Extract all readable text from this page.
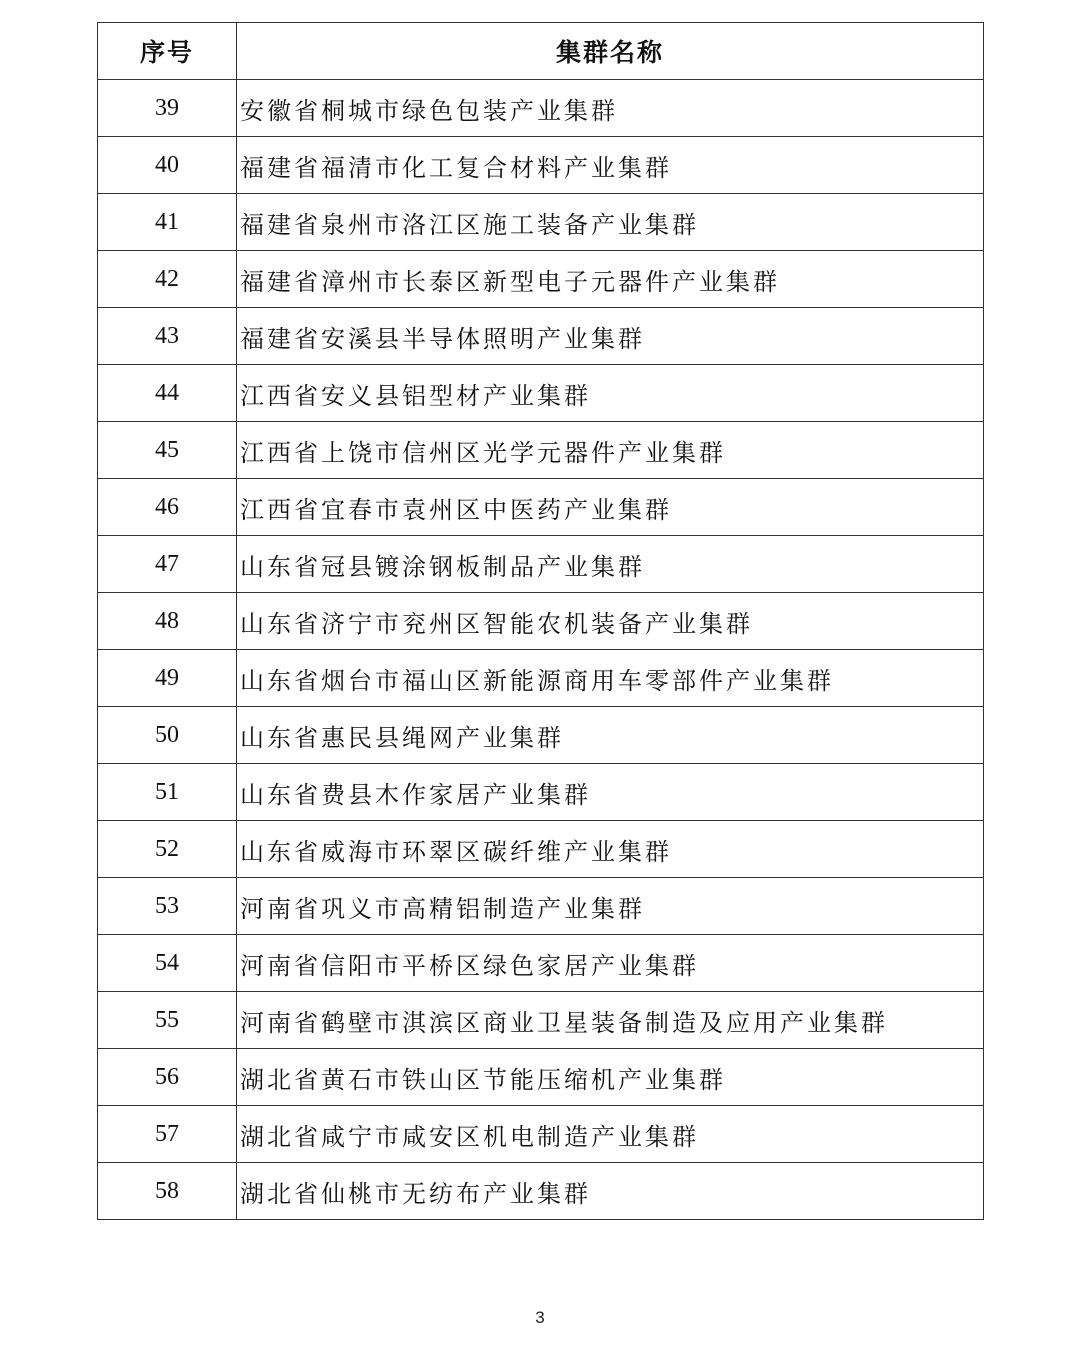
序号	集群名称
39	安徽省桐城市绿色包装产业集群
40	福建省福清市化工复合材料产业集群
41	福建省泉州市洛江区施工装备产业集群
42	福建省漳州市长泰区新型电子元器件产业集群
43	福建省安溪县半导体照明产业集群
44	江西省安义县铝型材产业集群
45	江西省上饶市信州区光学元器件产业集群
46	江西省宜春市袁州区中医药产业集群
47	山东省冠县镀涂钢板制品产业集群
48	山东省济宁市兖州区智能农机装备产业集群
49	山东省烟台市福山区新能源商用车零部件产业集群
50	山东省惠民县绳网产业集群
51	山东省费县木作家居产业集群
52	山东省威海市环翠区碳纤维产业集群
53	河南省巩义市高精铝制造产业集群
54	河南省信阳市平桥区绿色家居产业集群
55	河南省鹤壁市淇滨区商业卫星装备制造及应用产业集群
56	湖北省黄石市铁山区节能压缩机产业集群
57	湖北省咸宁市咸安区机电制造产业集群
58	湖北省仙桃市无纺布产业集群
3
